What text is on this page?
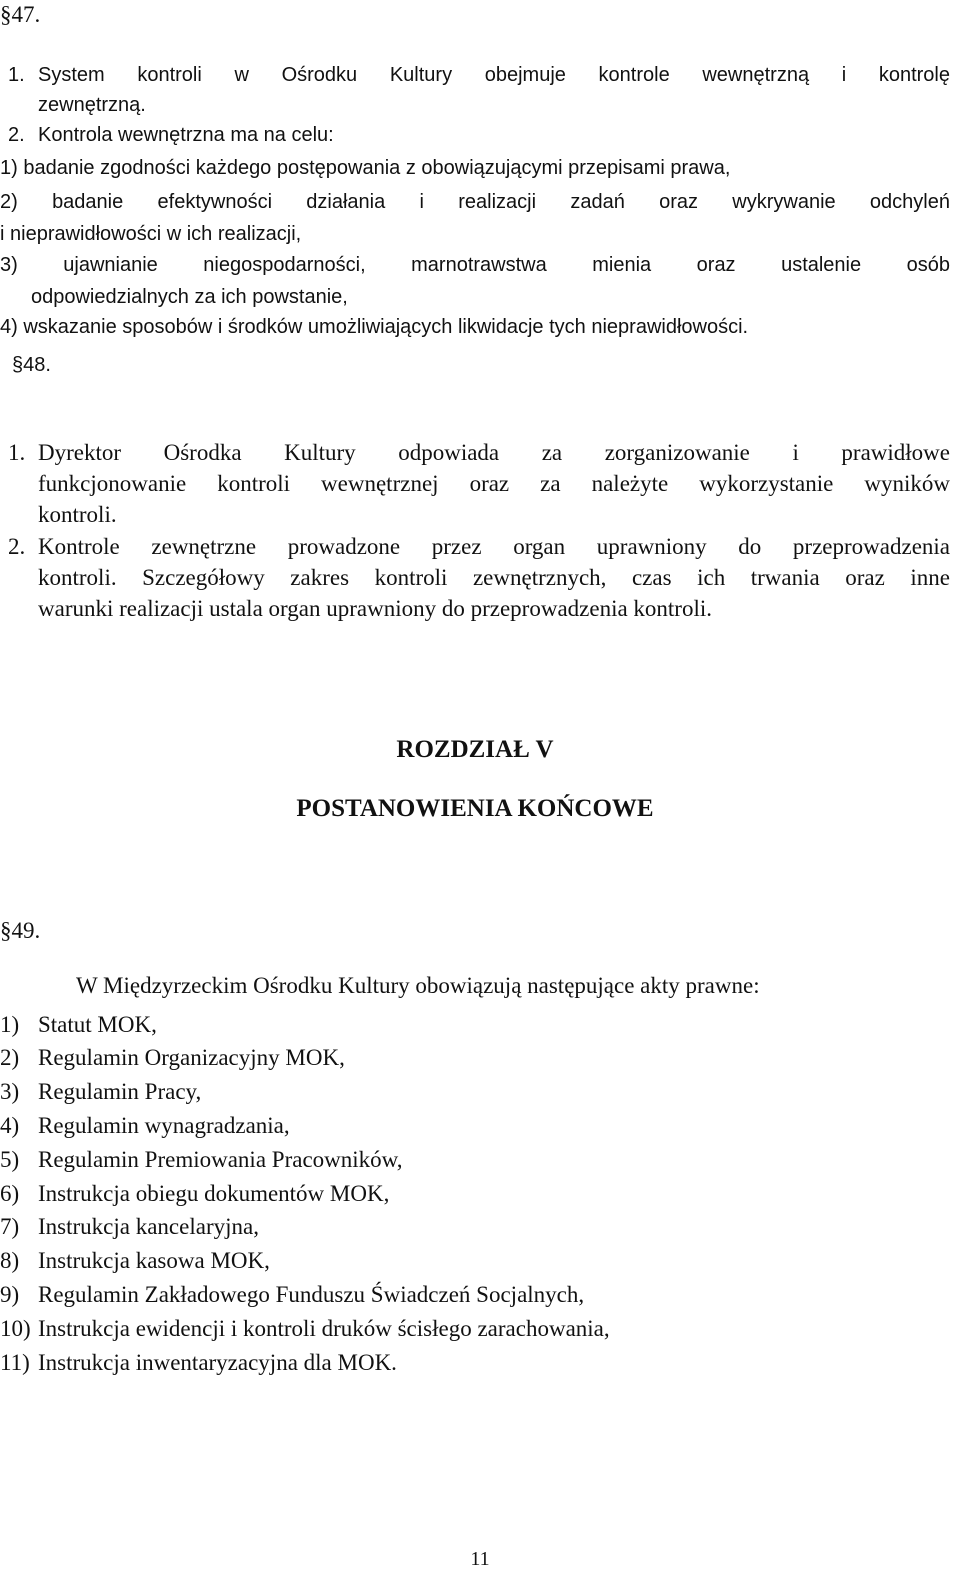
§47.
1. System kontroli w Ośrodku Kultury obejmuje kontrole wewnętrzną i kontrolę
zewnętrzną.
2. Kontrola wewnętrzna ma na celu:
1) badanie zgodności każdego postępowania z obowiązującymi przepisami prawa,
2) badanie efektywności działania i realizacji zadań oraz wykrywanie odchyleń
i nieprawidłowości w ich realizacji,
3) ujawnianie niegospodarności, marnotrawstwa mienia oraz ustalenie osób
odpowiedzialnych za ich powstanie,
4) wskazanie sposobów i środków umożliwiających likwidacje tych nieprawidłowości.
§48.
1. Dyrektor Ośrodka Kultury odpowiada za zorganizowanie i prawidłowe
funkcjonowanie kontroli wewnętrznej oraz za należyte wykorzystanie wyników
kontroli.
2. Kontrole zewnętrzne prowadzone przez organ uprawniony do przeprowadzenia
kontroli. Szczegółowy zakres kontroli zewnętrznych, czas ich trwania oraz inne
warunki realizacji ustala organ uprawniony do przeprowadzenia kontroli.
ROZDZIAŁ V
POSTANOWIENIA KOŃCOWE
§49.
W Międzyrzeckim Ośrodku Kultury obowiązują następujące akty prawne:
1) Statut MOK,
2) Regulamin Organizacyjny MOK,
3) Regulamin Pracy,
4) Regulamin wynagradzania,
5) Regulamin Premiowania Pracowników,
6) Instrukcja obiegu dokumentów MOK,
7) Instrukcja kancelaryjna,
8) Instrukcja kasowa MOK,
9) Regulamin Zakładowego Funduszu Świadczeń Socjalnych,
10) Instrukcja ewidencji i kontroli druków ścisłego zarachowania,
11) Instrukcja inwentaryzacyjna dla MOK.
11
